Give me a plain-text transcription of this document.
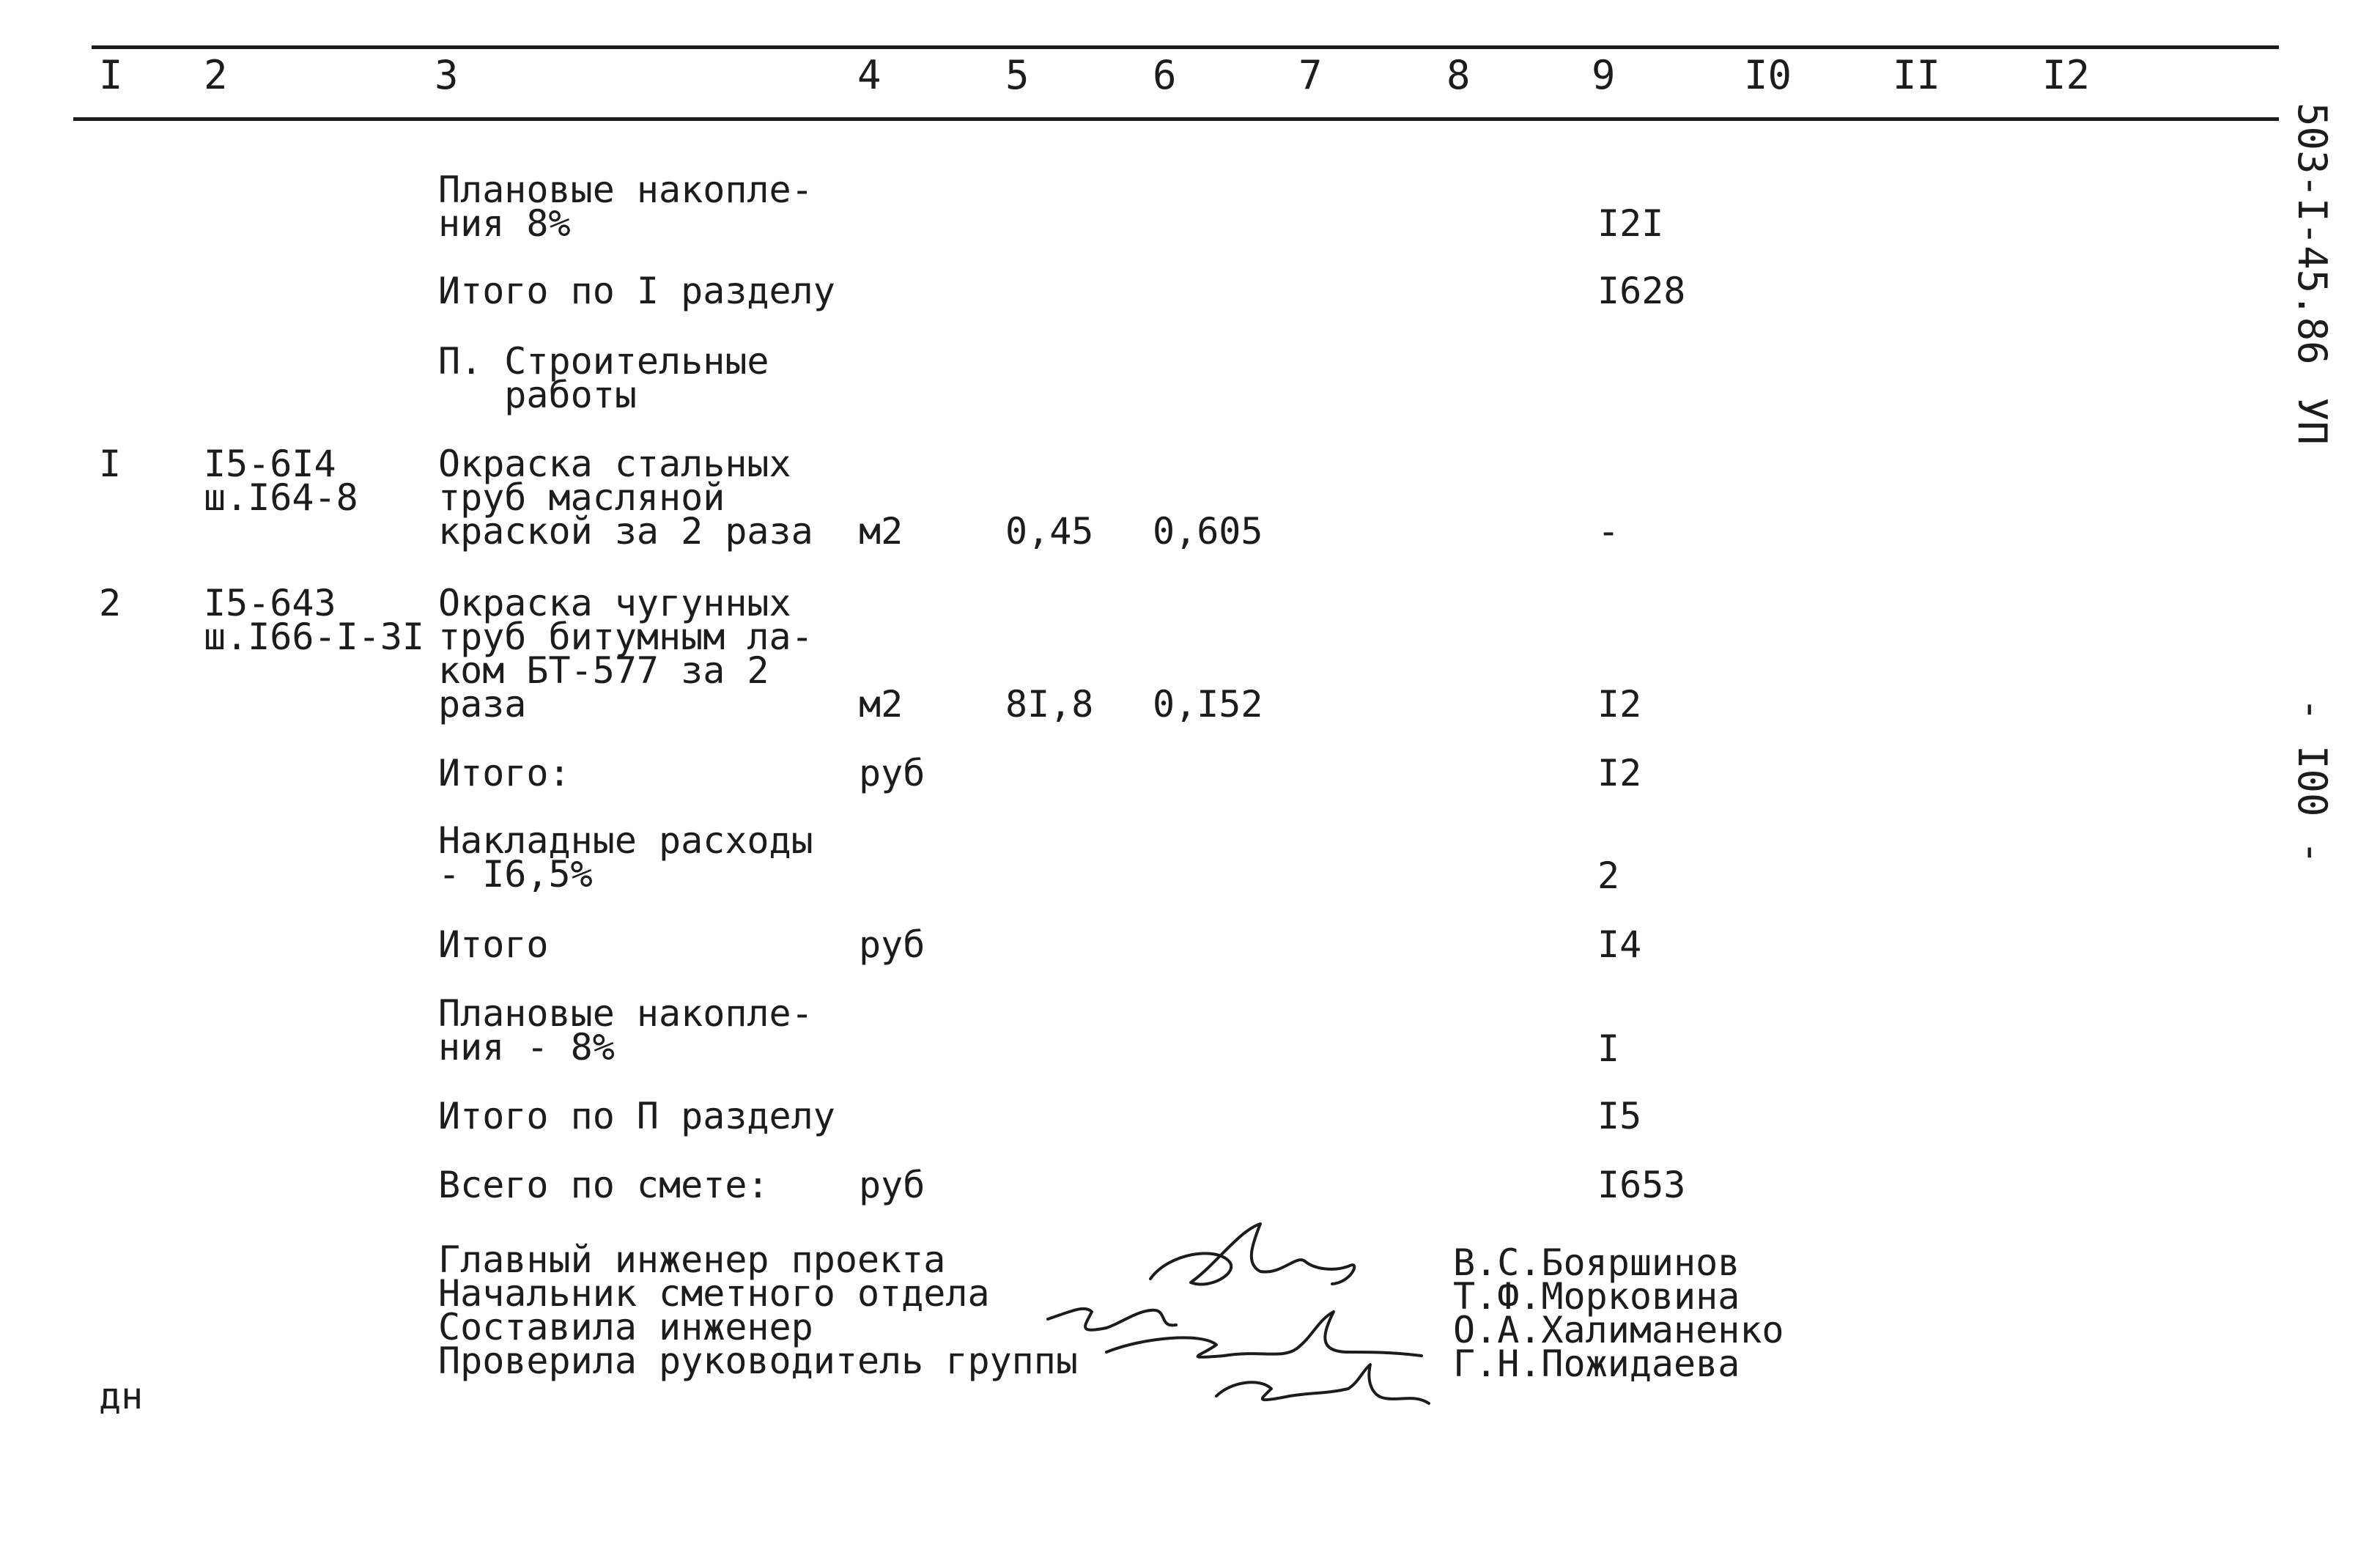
I 2	3	4	5	6	7	8	9	I0	II	I2
503-I-45.86
УП
- I00 -
Плановые накопле-
ния 8%	I2I
Итого по I разделу	I628
П. Строительные
работы
I I5-6I4
ш.I64-8
Окраска стальных
труб масляной
краской за 2 раза м2	0,45 0,605	-
2 I5-643
ш.I66-I-3I
Окраска чугунных
труб битумным ла-
ком БТ-577 за 2
раза	м2	8I,8 0,I52	I2
Итого:	руб	I2
Накладные расходы
- I6,5%	2
Итого	руб	I4
Плановые накопле-
ния - 8%	I
Итого по П разделу	I5
Всего по смете: руб	I653
Главный инженер проекта
Начальник сметного отдела
Составила инженер
Проверила руководитель группы
В.С.Бояршинов
Т.Ф.Морковина
О.А.Халиманенко
Г.Н.Пожидаева
дн
